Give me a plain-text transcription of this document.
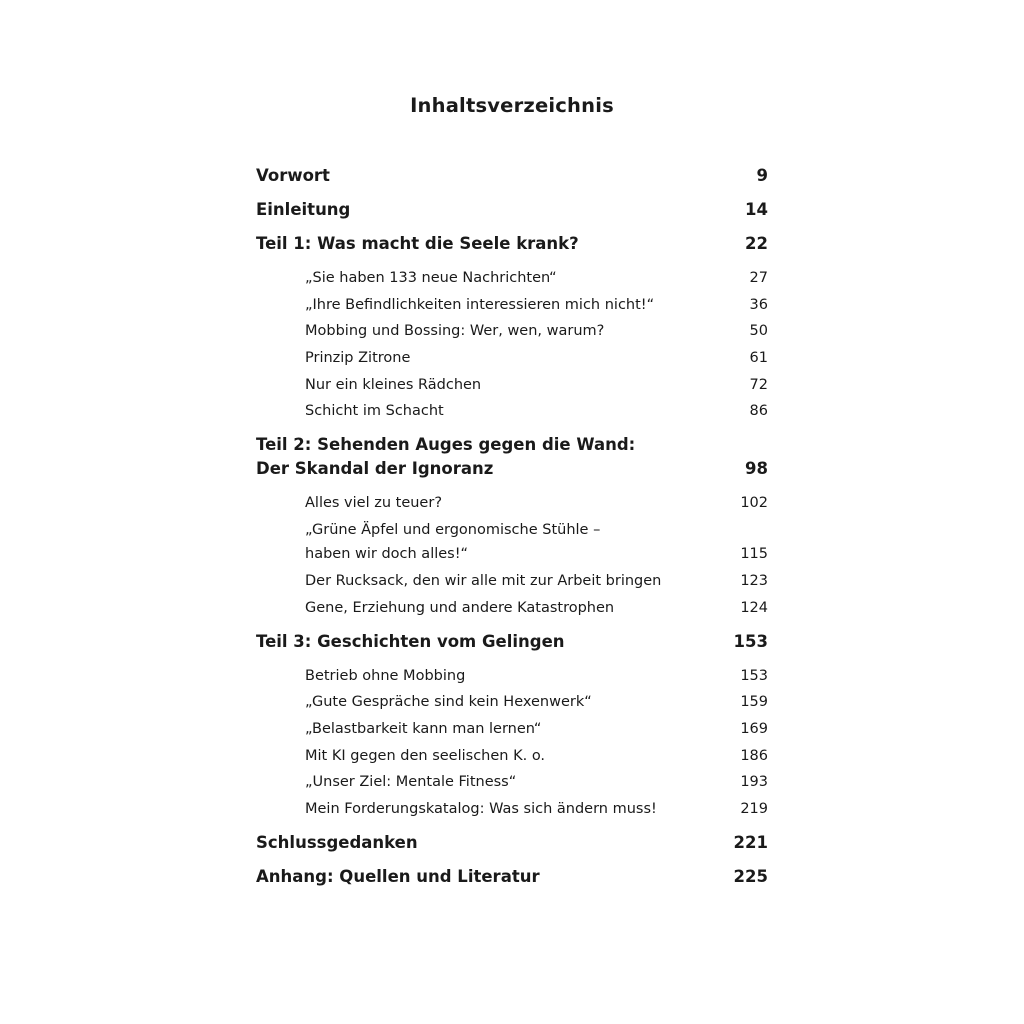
Inhaltsverzeichnis
Vorwort	9
Einleitung	14
Teil 1: Was macht die Seele krank?	22
„Sie haben 133 neue Nachrichten“	27
„Ihre Befindlichkeiten interessieren mich nicht!“	36
Mobbing und Bossing: Wer, wen, warum?	50
Prinzip Zitrone	61
Nur ein kleines Rädchen	72
Schicht im Schacht	86
Teil 2: Sehenden Auges gegen die Wand:
Der Skandal der Ignoranz	98
Alles viel zu teuer?	102
„Grüne Äpfel und ergonomische Stühle –
haben wir doch alles!“	115
Der Rucksack, den wir alle mit zur Arbeit bringen	123
Gene, Erziehung und andere Katastrophen	124
Teil 3: Geschichten vom Gelingen	153
Betrieb ohne Mobbing	153
„Gute Gespräche sind kein Hexenwerk“	159
„Belastbarkeit kann man lernen“	169
Mit KI gegen den seelischen K. o.	186
„Unser Ziel: Mentale Fitness“	193
Mein Forderungskatalog: Was sich ändern muss!	219
Schlussgedanken	221
Anhang: Quellen und Literatur	225
